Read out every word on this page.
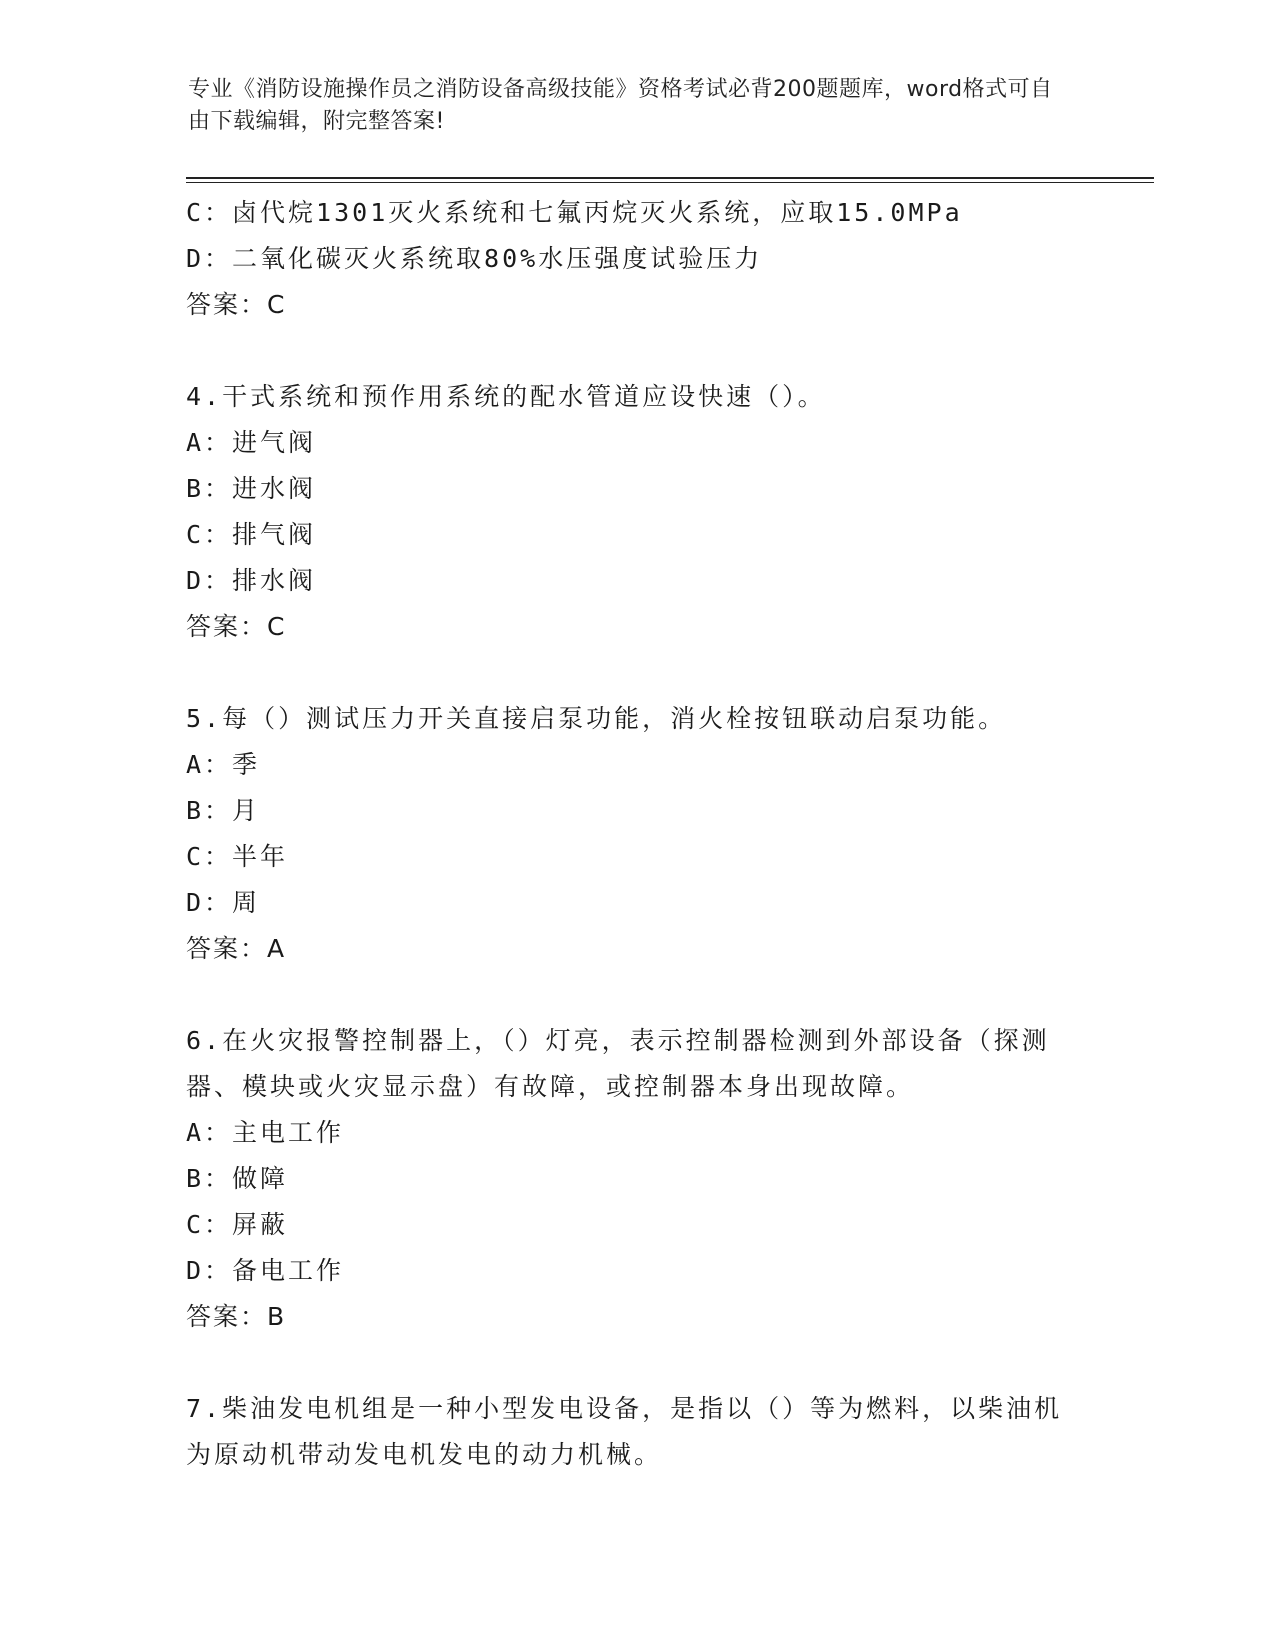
专业《消防设施操作员之消防设备高级技能》资格考试必背200题题库，word格式可自由下载编辑，附完整答案!
C：卤代烷1301灭火系统和七氟丙烷灭火系统，应取15.0MPa
D：二氧化碳灭火系统取80%水压强度试验压力
答案：C
4.干式系统和预作用系统的配水管道应设快速（）。
A：进气阀
B：进水阀
C：排气阀
D：排水阀
答案：C
5.每（）测试压力开关直接启泵功能，消火栓按钮联动启泵功能。
A：季
B：月
C：半年
D：周
答案：A
6.在火灾报警控制器上，（）灯亮，表示控制器检测到外部设备（探测器、模块或火灾显示盘）有故障，或控制器本身出现故障。
A：主电工作
B：做障
C：屏蔽
D：备电工作
答案：B
7.柴油发电机组是一种小型发电设备，是指以（）等为燃料，以柴油机为原动机带动发电机发电的动力机械。
